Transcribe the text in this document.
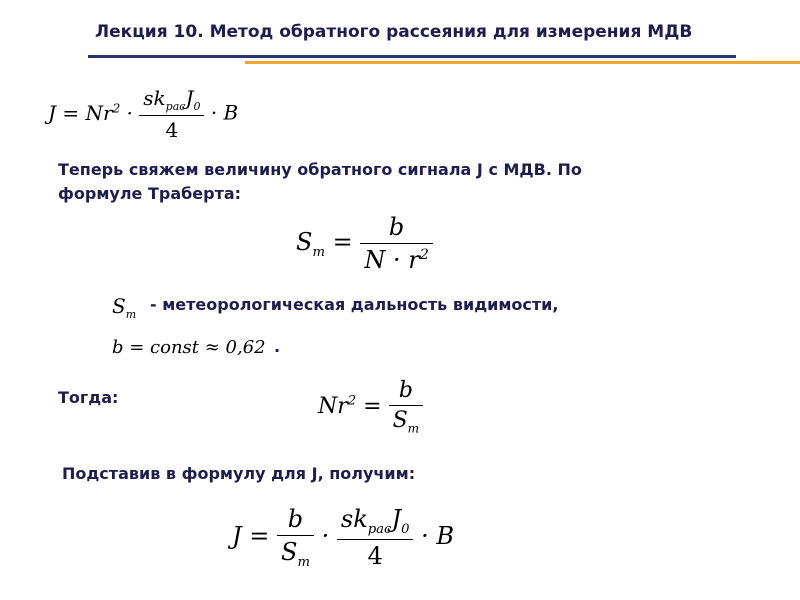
Лекция 10. Метод обратного рассеяния для измерения МДВ
$J = Nr^2 \cdot \frac{sk_{рас}J_0}{4} \cdot B$
Теперь свяжем величину обратного сигнала J с МДВ. По
формуле Траберта:
$S_m = \frac{b}{N \cdot r^2}$
$S_m$
- метеорологическая дальность видимости,
b = const ≈ 0,62 .
Тогда:	$Nr^2 = \frac{b}{S_m}$
Подставив в формулу для J, получим:
$J = \frac{b}{S_m} \cdot \frac{sk_{рас}J_0}{4} \cdot B$
